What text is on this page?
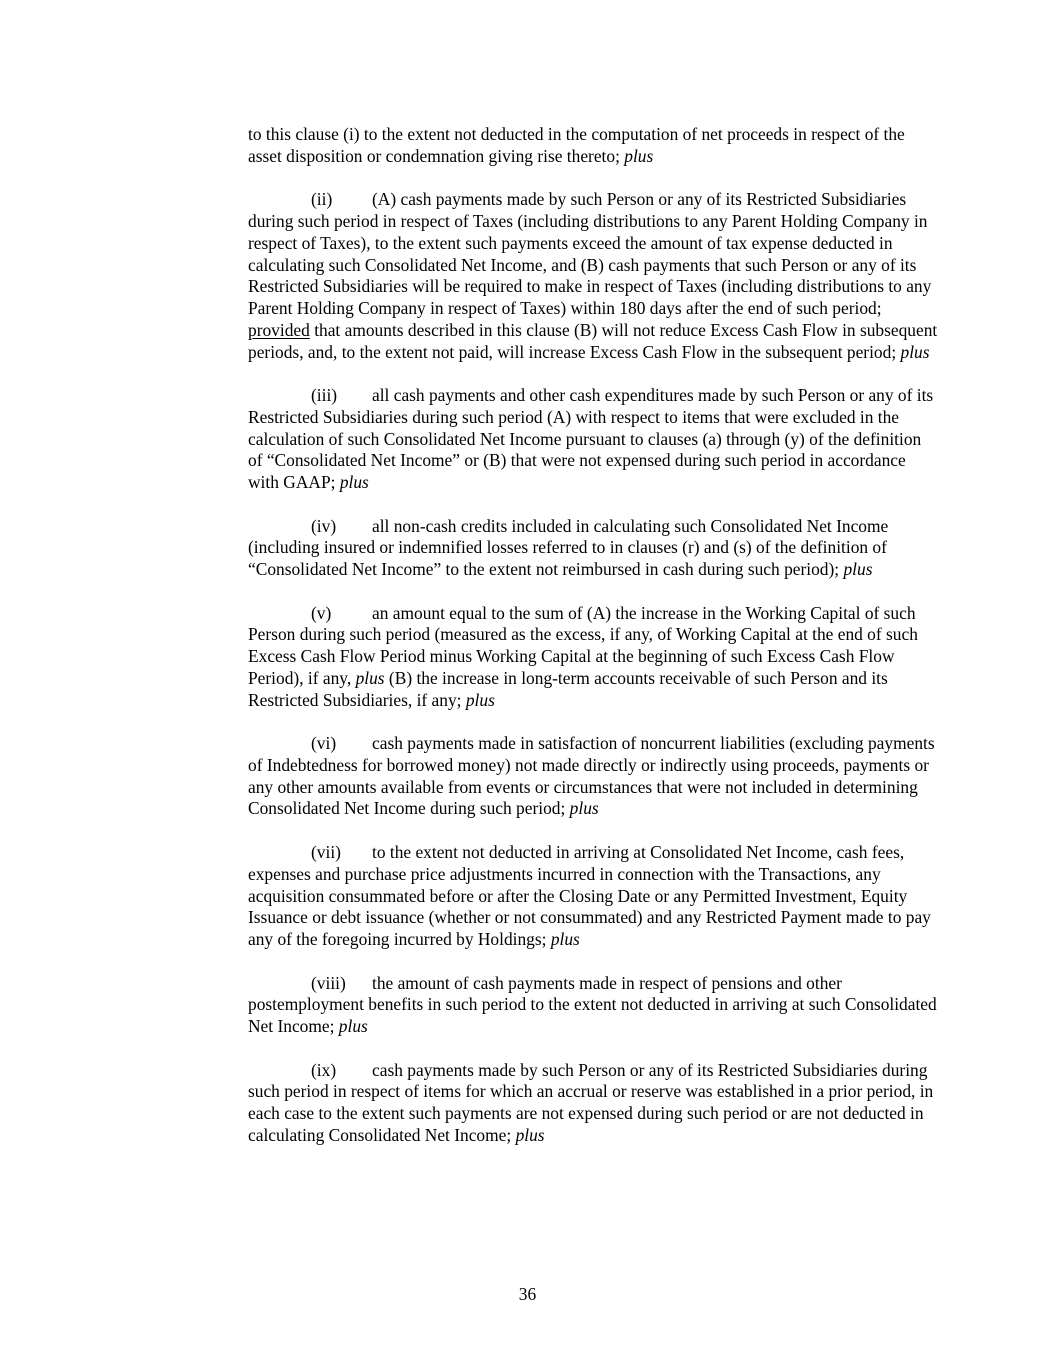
to this clause (i) to the extent not deducted in the computation of net proceeds in respect of the asset disposition or condemnation giving rise thereto; plus

(ii) (A) cash payments made by such Person or any of its Restricted Subsidiaries during such period in respect of Taxes (including distributions to any Parent Holding Company in respect of Taxes), to the extent such payments exceed the amount of tax expense deducted in calculating such Consolidated Net Income, and (B) cash payments that such Person or any of its Restricted Subsidiaries will be required to make in respect of Taxes (including distributions to any Parent Holding Company in respect of Taxes) within 180 days after the end of such period; provided that amounts described in this clause (B) will not reduce Excess Cash Flow in subsequent periods, and, to the extent not paid, will increase Excess Cash Flow in the subsequent period; plus

(iii) all cash payments and other cash expenditures made by such Person or any of its Restricted Subsidiaries during such period (A) with respect to items that were excluded in the calculation of such Consolidated Net Income pursuant to clauses (a) through (y) of the definition of “Consolidated Net Income” or (B) that were not expensed during such period in accordance with GAAP; plus

(iv) all non-cash credits included in calculating such Consolidated Net Income (including insured or indemnified losses referred to in clauses (r) and (s) of the definition of “Consolidated Net Income” to the extent not reimbursed in cash during such period); plus

(v) an amount equal to the sum of (A) the increase in the Working Capital of such Person during such period (measured as the excess, if any, of Working Capital at the end of such Excess Cash Flow Period minus Working Capital at the beginning of such Excess Cash Flow Period), if any, plus (B) the increase in long-term accounts receivable of such Person and its Restricted Subsidiaries, if any; plus

(vi) cash payments made in satisfaction of noncurrent liabilities (excluding payments of Indebtedness for borrowed money) not made directly or indirectly using proceeds, payments or any other amounts available from events or circumstances that were not included in determining Consolidated Net Income during such period; plus

(vii) to the extent not deducted in arriving at Consolidated Net Income, cash fees, expenses and purchase price adjustments incurred in connection with the Transactions, any acquisition consummated before or after the Closing Date or any Permitted Investment, Equity Issuance or debt issuance (whether or not consummated) and any Restricted Payment made to pay any of the foregoing incurred by Holdings; plus

(viii) the amount of cash payments made in respect of pensions and other postemployment benefits in such period to the extent not deducted in arriving at such Consolidated Net Income; plus

(ix) cash payments made by such Person or any of its Restricted Subsidiaries during such period in respect of items for which an accrual or reserve was established in a prior period, in each case to the extent such payments are not expensed during such period or are not deducted in calculating Consolidated Net Income; plus

36
